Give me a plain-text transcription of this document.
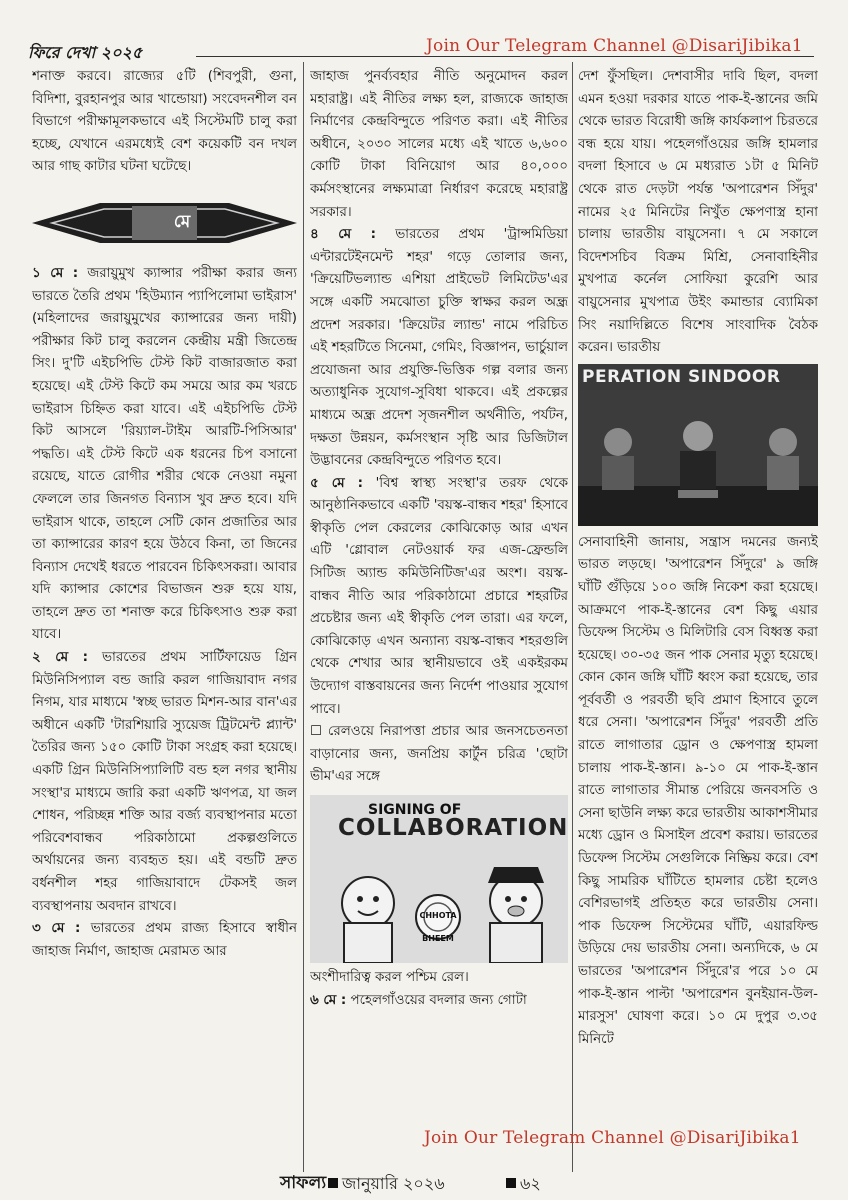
ফিরে দেখা ২০২৫	Join Our Telegram Channel @DisariJibika1

শনাক্ত করবে। রাজ্যের ৫টি (শিবপুরী, গুনা, বিদিশা, বুরহানপুর আর খান্ডোয়া) সংবেদনশীল বন বিভাগে পরীক্ষামূলকভাবে এই সিস্টেমটি চালু করা হচ্ছে, যেখানে এরমধ্যেই বেশ কয়েকটি বন দখল আর গাছ কাটার ঘটনা ঘটেছে।

মে

১ মে : জরায়ুমুখ ক্যান্সার পরীক্ষা করার জন্য ভারতে তৈরি প্রথম 'হিউম্যান প্যাপিলোমা ভাইরাস' (মহিলাদের জরায়ুমুখের ক্যান্সারের জন্য দায়ী) পরীক্ষার কিট চালু করলেন কেন্দ্রীয় মন্ত্রী জিতেন্দ্র সিং। দু'টি এইচপিভি টেস্ট কিট বাজারজাত করা হয়েছে। এই টেস্ট কিটে কম সময়ে আর কম খরচে ভাইরাস চিহ্নিত করা যাবে। এই এইচপিভি টেস্ট কিট আসলে 'রিয়্যাল-টাইম আরটি-পিসিআর' পদ্ধতি। এই টেস্ট কিটে এক ধরনের চিপ বসানো রয়েছে, যাতে রোগীর শরীর থেকে নেওয়া নমুনা ফেললে তার জিনগত বিন্যাস খুব দ্রুত হবে। যদি ভাইরাস থাকে, তাহলে সেটি কোন প্রজাতির আর তা ক্যান্সারের কারণ হয়ে উঠবে কিনা, তা জিনের বিন্যাস দেখেই ধরতে পারবেন চিকিৎসকরা। আবার যদি ক্যান্সার কোশের বিভাজন শুরু হয়ে যায়, তাহলে দ্রুত তা শনাক্ত করে চিকিৎসাও শুরু করা যাবে।

২ মে : ভারতের প্রথম সার্টিফায়েড গ্রিন মিউনিসিপ্যাল বন্ড জারি করল গাজিয়াবাদ নগর নিগম, যার মাধ্যমে 'স্বচ্ছ ভারত মিশন-আর বান'এর অধীনে একটি 'টারশিয়ারি স্যুয়েজ ট্রিটমেন্ট প্ল্যান্ট' তৈরির জন্য ১৫০ কোটি টাকা সংগ্রহ করা হয়েছে। একটি গ্রিন মিউনিসিপ্যালিটি বন্ড হল নগর স্থানীয় সংস্থা'র মাধ্যমে জারি করা একটি ঋণপত্র, যা জল শোধন, পরিচ্ছন্ন শক্তি আর বর্জ্য ব্যবস্থাপনার মতো পরিবেশবান্ধব পরিকাঠামো প্রকল্পগুলিতে অর্থায়নের জন্য ব্যবহৃত হয়। এই বন্ডটি দ্রুত বর্ধনশীল শহর গাজিয়াবাদে টেকসই জল ব্যবস্থাপনায় অবদান রাখবে।

৩ মে : ভারতের প্রথম রাজ্য হিসাবে স্বাধীন জাহাজ নির্মাণ, জাহাজ মেরামত আর

জাহাজ পুনর্ব্যবহার নীতি অনুমোদন করল মহারাষ্ট্র। এই নীতির লক্ষ্য হল, রাজ্যকে জাহাজ নির্মাণের কেন্দ্রবিন্দুতে পরিণত করা। এই নীতির অধীনে, ২০৩০ সালের মধ্যে এই খাতে ৬,৬০০ কোটি টাকা বিনিয়োগ আর ৪০,০০০ কর্মসংস্থানের লক্ষ্যমাত্রা নির্ধারণ করেছে মহারাষ্ট্র সরকার।

৪ মে : ভারতের প্রথম 'ট্রান্সমিডিয়া এন্টারটেইনমেন্ট শহর' গড়ে তোলার জন্য, 'ক্রিয়েটিভল্যান্ড এশিয়া প্রাইভেট লিমিটেড'এর সঙ্গে একটি সমঝোতা চুক্তি স্বাক্ষর করল অন্ধ্র প্রদেশ সরকার। 'ক্রিয়েটর ল্যান্ড' নামে পরিচিত এই শহরটিতে সিনেমা, গেমিং, বিজ্ঞাপন, ভার্চুয়াল প্রযোজনা আর প্রযুক্তি-ভিত্তিক গল্প বলার জন্য অত্যাধুনিক সুযোগ-সুবিধা থাকবে। এই প্রকল্পের মাধ্যমে অন্ধ্র প্রদেশ সৃজনশীল অর্থনীতি, পর্যটন, দক্ষতা উন্নয়ন, কর্মসংস্থান সৃষ্টি আর ডিজিটাল উদ্ভাবনের কেন্দ্রবিন্দুতে পরিণত হবে।

৫ মে : 'বিশ্ব স্বাস্থ্য সংস্থা'র তরফ থেকে আনুষ্ঠানিকভাবে একটি 'বয়স্ক-বান্ধব শহর' হিসাবে স্বীকৃতি পেল কেরলের কোঝিকোড় আর এখন এটি 'গ্লোবাল নেটওয়ার্ক ফর এজ-ফ্রেন্ডলি সিটিজ অ্যান্ড কমিউনিটিজ'এর অংশ। বয়স্ক-বান্ধব নীতি আর পরিকাঠামো প্রচারে শহরটির প্রচেষ্টার জন্য এই স্বীকৃতি পেল তারা। এর ফলে, কোঝিকোড় এখন অন্যান্য বয়স্ক-বান্ধব শহরগুলি থেকে শেখার আর স্থানীয়ভাবে ওই একইরকম উদ্যোগ বাস্তবায়নের জন্য নির্দেশ পাওয়ার সুযোগ পাবে।

☐ রেলওয়ে নিরাপত্তা প্রচার আর জনসচেতনতা বাড়ানোর জন্য, জনপ্রিয় কার্টুন চরিত্র 'ছোটা ভীম'এর সঙ্গে

SIGNING OF
COLLABORATION
CHHOTA BHEEM

অংশীদারিত্ব করল পশ্চিম রেল।

৬ মে : পহেলগাঁওয়ের বদলার জন্য গোটা

দেশ ফুঁসছিল। দেশবাসীর দাবি ছিল, বদলা এমন হওয়া দরকার যাতে পাক-ই-স্তানের জমি থেকে ভারত বিরোধী জঙ্গি কার্যকলাপ চিরতরে বন্ধ হয়ে যায়। পহেলগাঁওয়ের জঙ্গি হামলার বদলা হিসাবে ৬ মে মধ্যরাত ১টা ৫ মিনিট থেকে রাত দেড়টা পর্যন্ত 'অপারেশন সিঁদুর' নামের ২৫ মিনিটের নিখুঁত ক্ষেপণাস্ত্র হানা চালায় ভারতীয় বায়ুসেনা। ৭ মে সকালে বিদেশসচিব বিক্রম মিশ্রি, সেনাবাহিনীর মুখপাত্র কর্নেল সোফিয়া কুরেশি আর বায়ুসেনার মুখপাত্র উইং কমান্ডার ব্যোমিকা সিং নয়াদিল্লিতে বিশেষ সাংবাদিক বৈঠক করেন। ভারতীয়

PERATION SINDOOR

সেনাবাহিনী জানায়, সন্ত্রাস দমনের জন্যই ভারত লড়ছে। 'অপারেশন সিঁদুরে' ৯ জঙ্গি ঘাঁটি গুঁড়িয়ে ১০০ জঙ্গি নিকেশ করা হয়েছে। আক্রমণে পাক-ই-স্তানের বেশ কিছু এয়ার ডিফেন্স সিস্টেম ও মিলিটারি বেস বিধ্বস্ত করা হয়েছে। ৩০-৩৫ জন পাক সেনার মৃত্যু হয়েছে। কোন কোন জঙ্গি ঘাঁটি ধ্বংস করা হয়েছে, তার পূর্ববর্তী ও পরবর্তী ছবি প্রমাণ হিসাবে তুলে ধরে সেনা। 'অপারেশন সিঁদুর' পরবর্তী প্রতি রাতে লাগাতার ড্রোন ও ক্ষেপণাস্ত্র হামলা চালায় পাক-ই-স্তান। ৯-১০ মে পাক-ই-স্তান রাতে লাগাতার সীমান্ত পেরিয়ে জনবসতি ও সেনা ছাউনি লক্ষ্য করে ভারতীয় আকাশসীমার মধ্যে ড্রোন ও মিসাইল প্রবেশ করায়। ভারতের ডিফেন্স সিস্টেম সেগুলিকে নিষ্ক্রিয় করে। বেশ কিছু সামরিক ঘাঁটিতে হামলার চেষ্টা হলেও বেশিরভাগই প্রতিহত করে ভারতীয় সেনা। পাক ডিফেন্স সিস্টেমের ঘাঁটি, এয়ারফিল্ড উড়িয়ে দেয় ভারতীয় সেনা। অন্যদিকে, ৬ মে ভারতের 'অপারেশন সিঁদুরে'র পরে ১০ মে পাক-ই-স্তান পাল্টা 'অপারেশন বুনইয়ান-উল-মারসুস' ঘোষণা করে। ১০ মে দুপুর ৩.৩৫ মিনিটে

Join Our Telegram Channel @DisariJibika1
সাফল্য জানুয়ারি ২০২৬	৬২
